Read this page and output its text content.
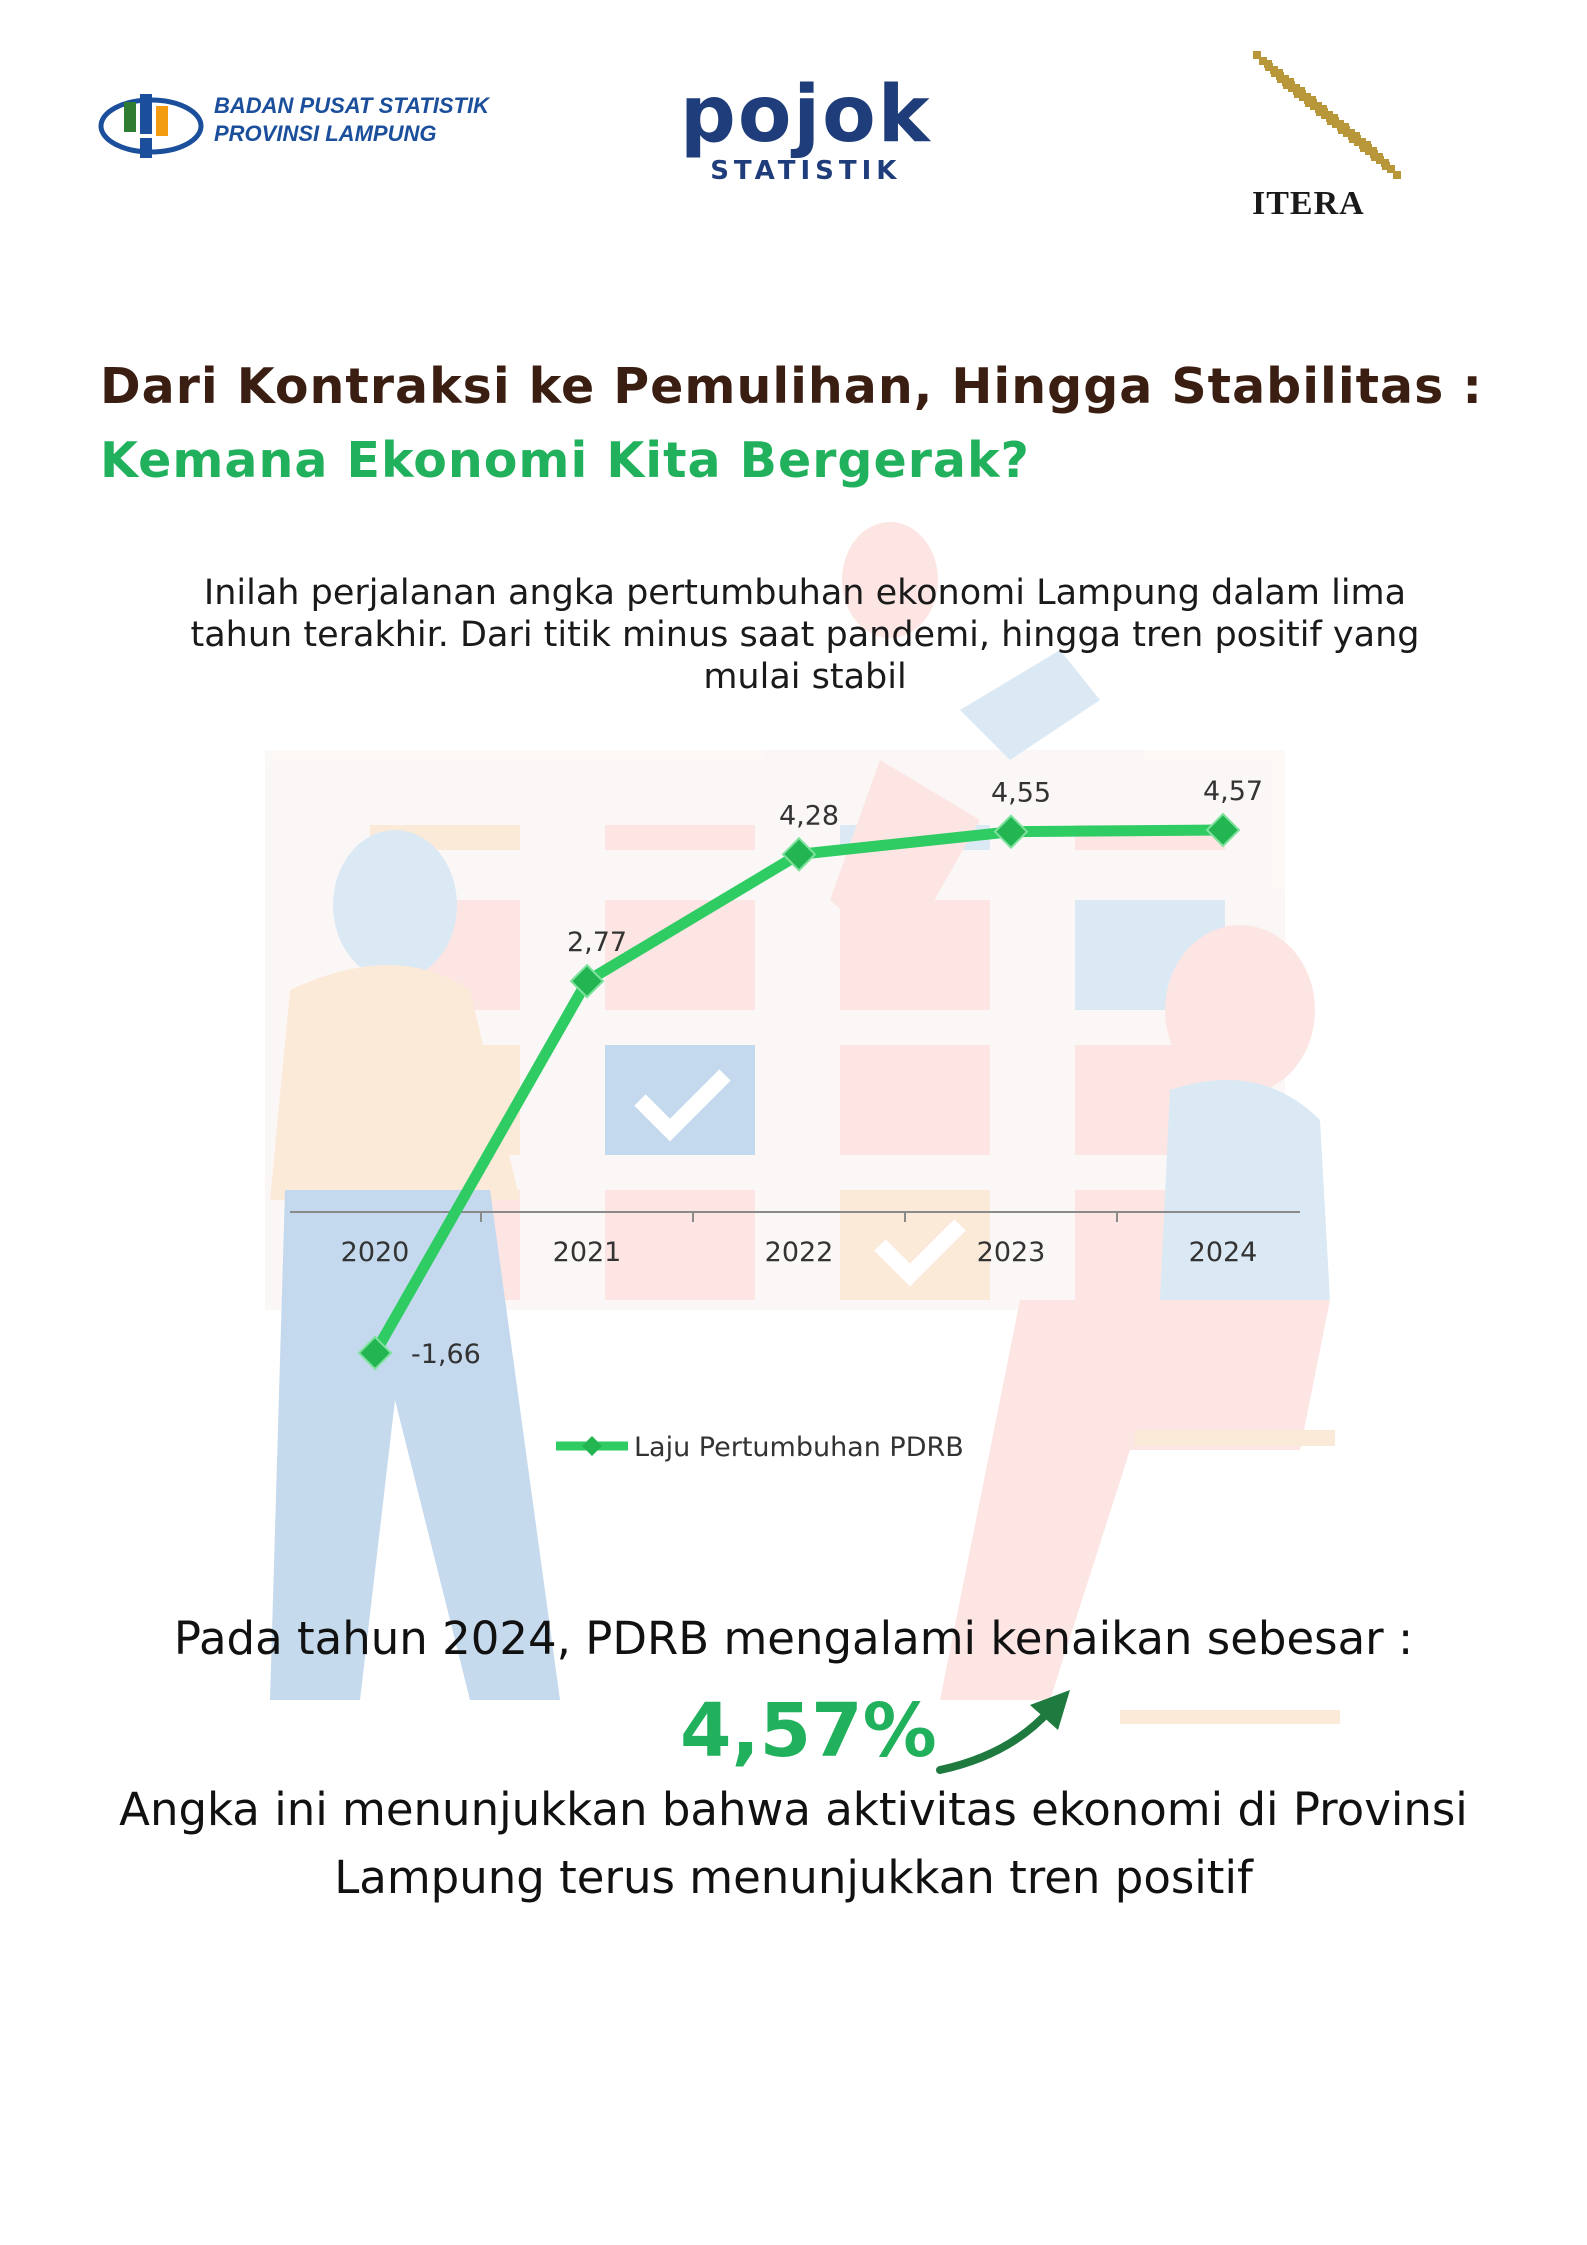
BADAN PUSAT STATISTIK
PROVINSI LAMPUNG	pojok
STATISTIK
ITERA
Dari Kontraksi ke Pemulihan, Hingga Stabilitas :
Kemana Ekonomi Kita Bergerak?
Inilah perjalanan angka pertumbuhan ekonomi Lampung dalam lima tahun terakhir. Dari titik minus saat pandemi, hingga tren positif yang mulai stabil
2020	2021	2022	2023	2024
-1,66
2,77
4,28
4,55	4,57
Laju Pertumbuhan PDRB
Pada tahun 2024, PDRB mengalami kenaikan sebesar :
4,57%
Angka ini menunjukkan bahwa aktivitas ekonomi di Provinsi Lampung terus menunjukkan tren positif
